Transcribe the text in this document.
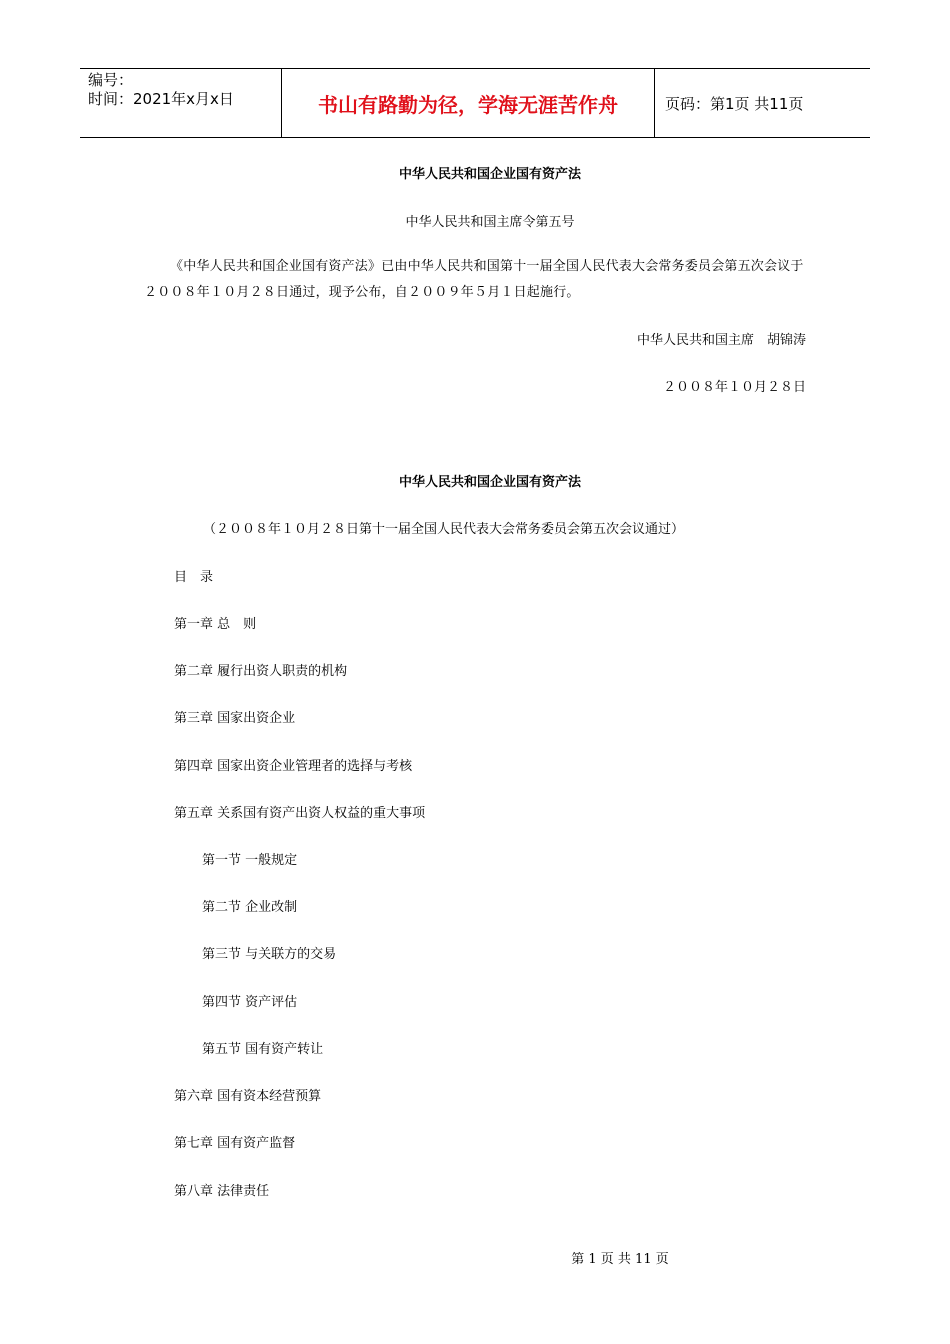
编号：
时间：2021年x月x日	书山有路勤为径，学海无涯苦作舟	页码：第1页 共11页
中华人民共和国企业国有资产法
中华人民共和国主席令第五号
《中华人民共和国企业国有资产法》已由中华人民共和国第十一届全国人民代表大会常务委员会第五次会议于２００８年１０月２８日通过，现予公布，自２００９年５月１日起施行。
中华人民共和国主席　胡锦涛
２００８年１０月２８日
中华人民共和国企业国有资产法
（２００８年１０月２８日第十一届全国人民代表大会常务委员会第五次会议通过）
目　录
第一章 总　则
第二章 履行出资人职责的机构
第三章 国家出资企业
第四章 国家出资企业管理者的选择与考核
第五章 关系国有资产出资人权益的重大事项
第一节 一般规定
第二节 企业改制
第三节 与关联方的交易
第四节 资产评估
第五节 国有资产转让
第六章 国有资本经营预算
第七章 国有资产监督
第八章 法律责任
第 1 页 共 11 页
